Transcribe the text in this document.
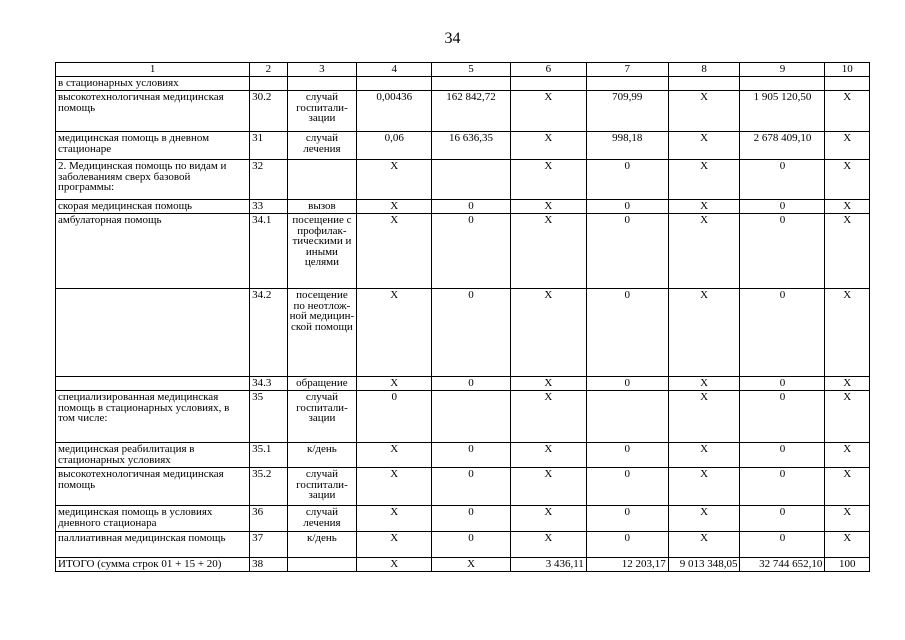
34
1	2	3	4	5	6	7	8	9	10
в стационарных условиях									
высокотехнологичная медицинская помощь	30.2	случай госпитали-зации	0,00436	162 842,72	Х	709,99	Х	1 905 120,50	Х
медицинская помощь в дневном стационаре	31	случай лечения	0,06	16 636,35	Х	998,18	Х	2 678 409,10	Х
2. Медицинская помощь по видам и заболеваниям сверх базовой программы:	32		Х		Х	0	Х	0	Х
скорая медицинская помощь	33	вызов	Х	0	Х	0	Х	0	Х
амбулаторная помощь	34.1	посещение с профилак-тическими и иными целями	Х	0	Х	0	Х	0	Х
	34.2	посещение по неотлож-ной медицин-ской помощи	Х	0	Х	0	Х	0	Х
	34.3	обращение	Х	0	Х	0	Х	0	Х
специализированная медицинская помощь в стационарных условиях, в том числе:	35	случай госпитали-зации	0		Х		Х	0	Х
медицинская реабилитация в стационарных условиях	35.1	к/день	Х	0	Х	0	Х	0	Х
высокотехнологичная медицинская помощь	35.2	случай госпитали-зации	Х	0	Х	0	Х	0	Х
медицинская помощь в условиях дневного стационара	36	случай лечения	Х	0	Х	0	Х	0	Х
паллиативная медицинская помощь	37	к/день	Х	0	Х	0	Х	0	Х
ИТОГО (сумма строк 01 + 15 + 20)	38		Х	Х	3 436,11	12 203,17	9 013 348,05	32 744 652,10	100
